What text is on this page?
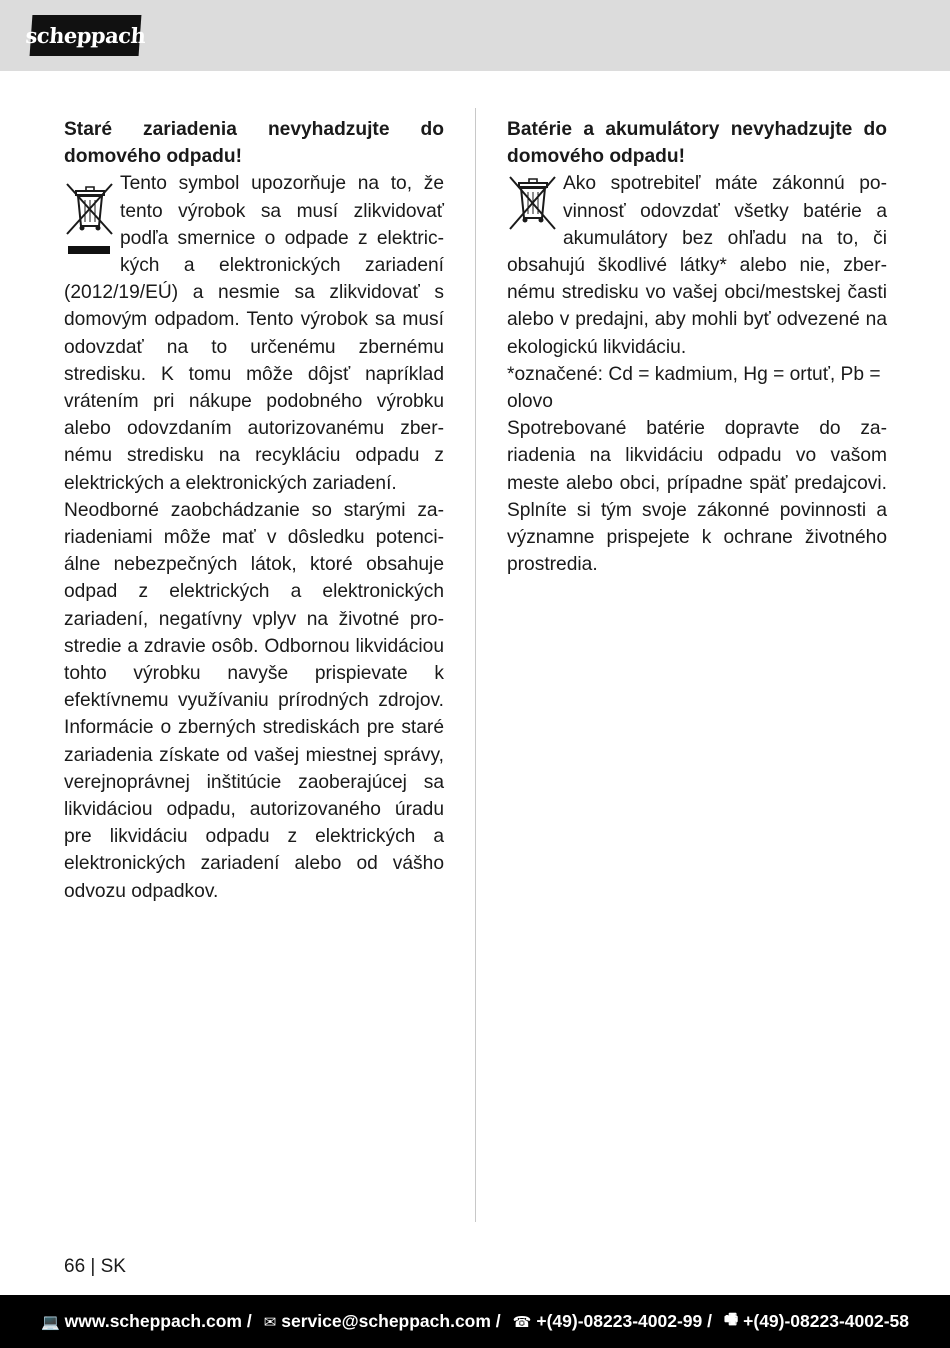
scheppach

Staré zariadenia nevyhadzujte do domového odpadu!

Tento symbol upozorňuje na to, že tento výrobok sa musí zlikvidovať podľa smernice o odpade z elektrických a elektronických zariadení (2012/19/EÚ) a nesmie sa zlikvidovať s domovým odpadom. Tento výrobok sa musí odovzdať na to určenému zbernému stredisku. K tomu môže dôjsť napríklad vrátením pri nákupe podobného výrobku alebo odovzdaním autorizovanému zbernému stredisku na recykláciu odpadu z elektrických a elektronických zariadení.

Neodborné zaobchádzanie so starými zariadeniami môže mať v dôsledku potenciálne nebezpečných látok, ktoré obsahuje odpad z elektrických a elektronických zariadení, negatívny vplyv na životné prostredie a zdravie osôb. Odbornou likvidáciou tohto výrobku navyše prispievate k efektívnemu využívaniu prírodných zdrojov. Informácie o zberných strediskách pre staré zariadenia získate od vašej miestnej správy, verejnoprávnej inštitúcie zaoberajúcej sa likvidáciou odpadu, autorizovaného úradu pre likvidáciu odpadu z elektrických a elektronických zariadení alebo od vášho odvozu odpadkov.

Batérie a akumulátory nevyhadzujte do domového odpadu!

Ako spotrebiteľ máte zákonnú povinnosť odovzdať všetky batérie a akumulátory bez ohľadu na to, či obsahujú škodlivé látky* alebo nie, zbernému stredisku vo vašej obci/mestskej časti alebo v predajni, aby mohli byť odvezené na ekologickú likvidáciu.

*označené: Cd = kadmium, Hg = ortuť, Pb = olovo

Spotrebované batérie dopravte do zariadenia na likvidáciu odpadu vo vašom meste alebo obci, prípadne späť predajcovi. Splníte si tým svoje zákonné povinnosti a významne prispejete k ochrane životného prostredia.

66 | SK
💻 www.scheppach.com / ✉ service@scheppach.com / ☎ +(49)-08223-4002-99 / 🖷 +(49)-08223-4002-58
